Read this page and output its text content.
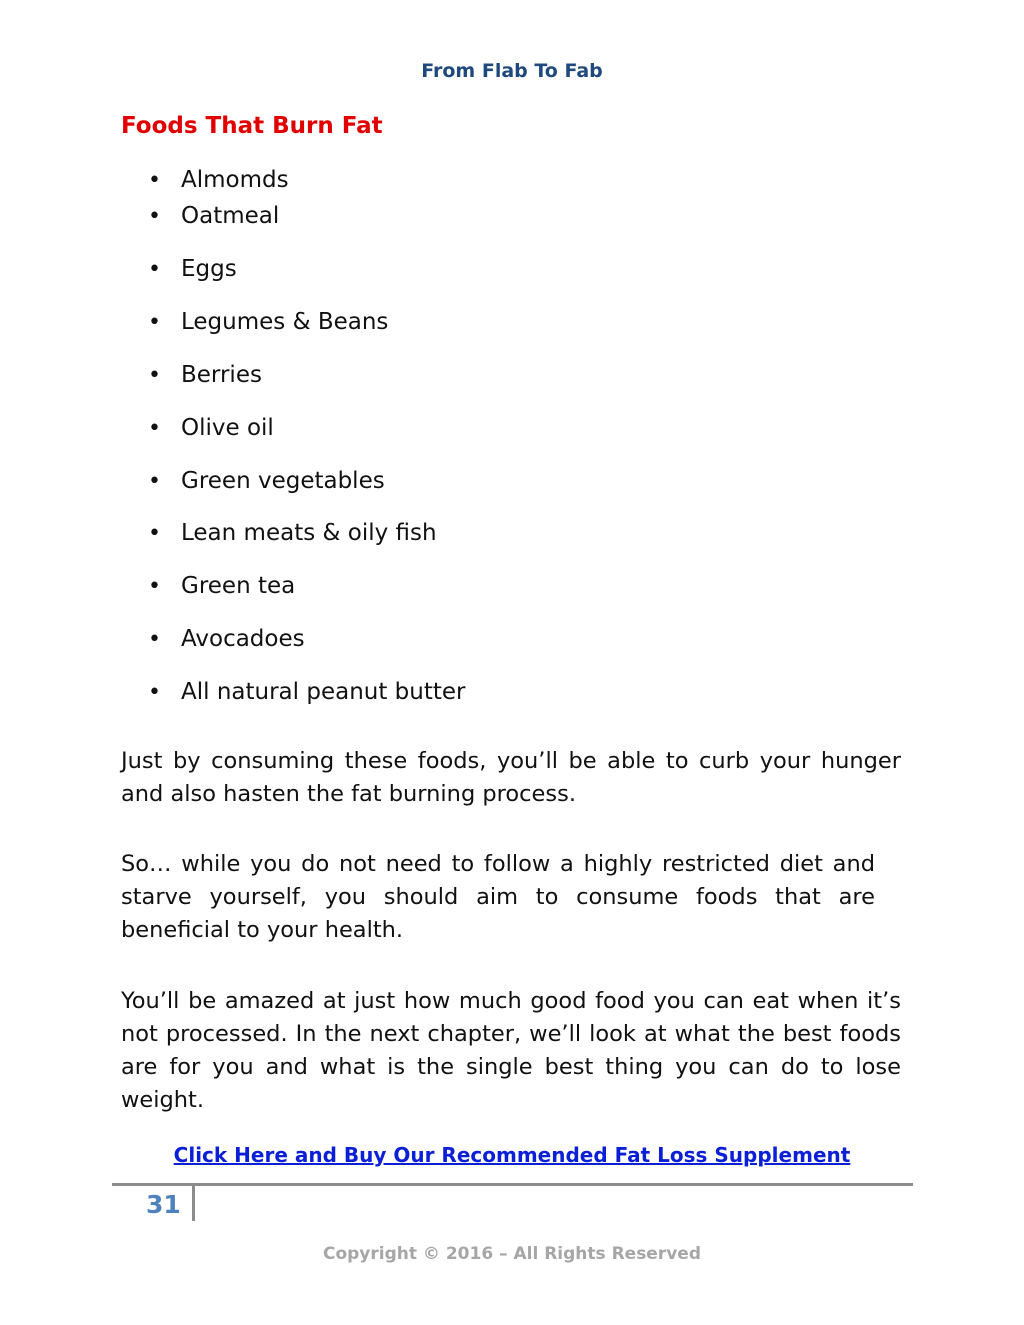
From Flab To Fab
Foods That Burn Fat
• Almomds
• Oatmeal
• Eggs
• Legumes & Beans
• Berries
• Olive oil
• Green vegetables
• Lean meats & oily fish
• Green tea
• Avocadoes
• All natural peanut butter

Just by consuming these foods, you’ll be able to curb your hunger and also hasten the fat burning process.

So… while you do not need to follow a highly restricted diet and starve yourself, you should aim to consume foods that are beneficial to your health.

You’ll be amazed at just how much good food you can eat when it’s not processed. In the next chapter, we’ll look at what the best foods are for you and what is the single best thing you can do to lose weight.

Click Here and Buy Our Recommended Fat Loss Supplement
31
Copyright © 2016 – All Rights Reserved
